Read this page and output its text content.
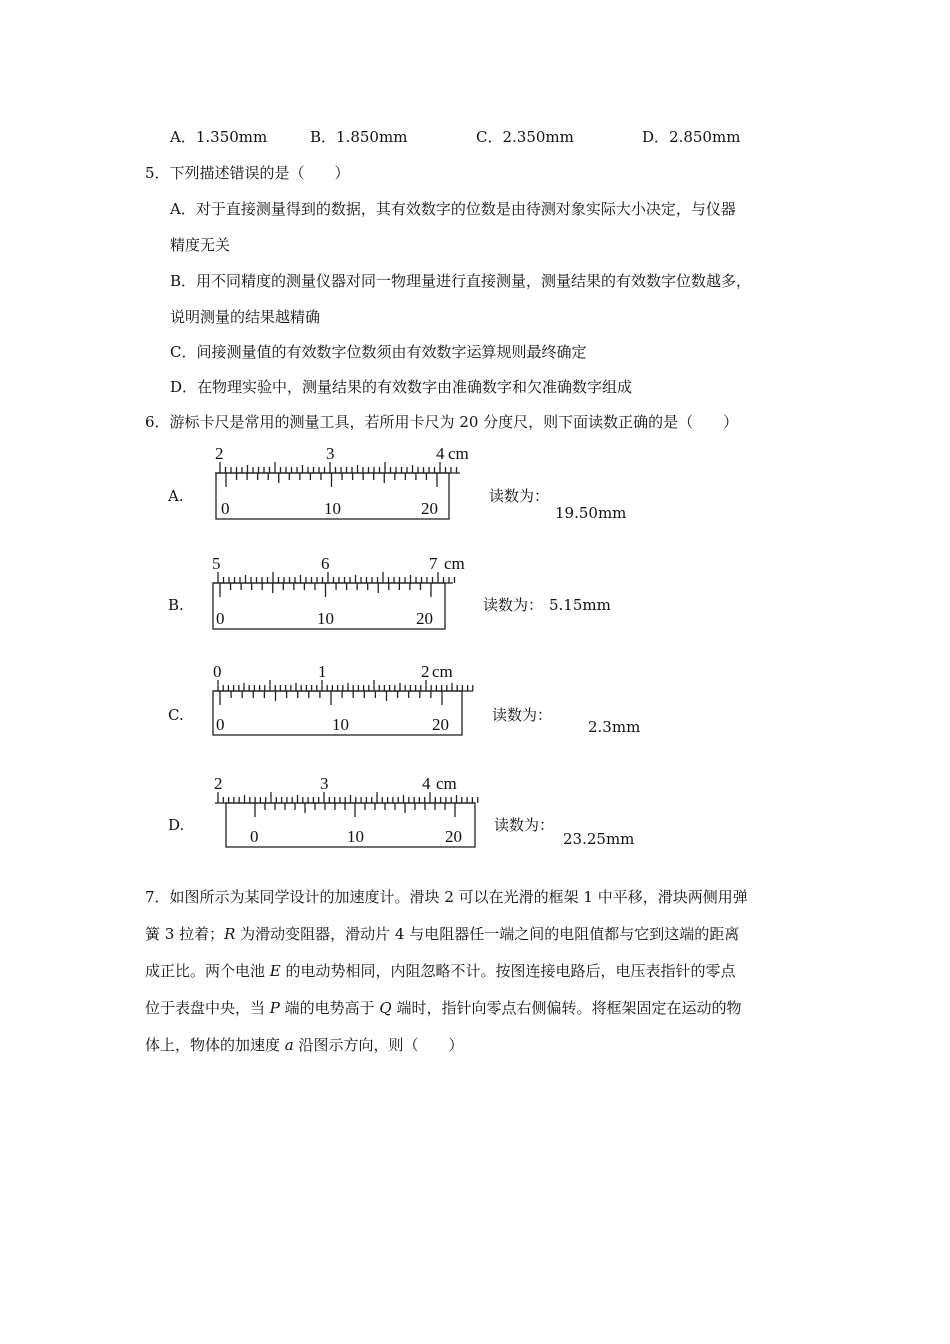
A．1.350mm	B．1.850mm	C．2.350mm	D．2.850mm
5．下列描述错误的是（　　）
A．对于直接测量得到的数据，其有效数字的位数是由待测对象实际大小决定，与仪器
精度无关
B．用不同精度的测量仪器对同一物理量进行直接测量，测量结果的有效数字位数越多，
说明测量的结果越精确
C．间接测量值的有效数字位数须由有效数字运算规则最终确定
D．在物理实验中，测量结果的有效数字由准确数字和欠准确数字组成
6．游标卡尺是常用的测量工具，若所用卡尺为 20 分度尺，则下面读数正确的是（　　）
A.
2	3	4 cm
0	10	20
读数为：
19.50mm
B.
5	6	7 cm
0	10	20
读数为： 5.15mm
C.
0	1	2 cm
0	10	20	读数为：
2.3mm
D.
2	3	4 cm
0	10	20
读数为：
23.25mm
7．如图所示为某同学设计的加速度计。滑块 2 可以在光滑的框架 1 中平移，滑块两侧用弹
簧 3 拉着；R 为滑动变阻器，滑动片 4 与电阻器任一端之间的电阻值都与它到这端的距离
成正比。两个电池 E 的电动势相同，内阻忽略不计。按图连接电路后，电压表指针的零点
位于表盘中央，当 P 端的电势高于 Q 端时，指针向零点右侧偏转。将框架固定在运动的物
体上，物体的加速度 a 沿图示方向，则（　　）
